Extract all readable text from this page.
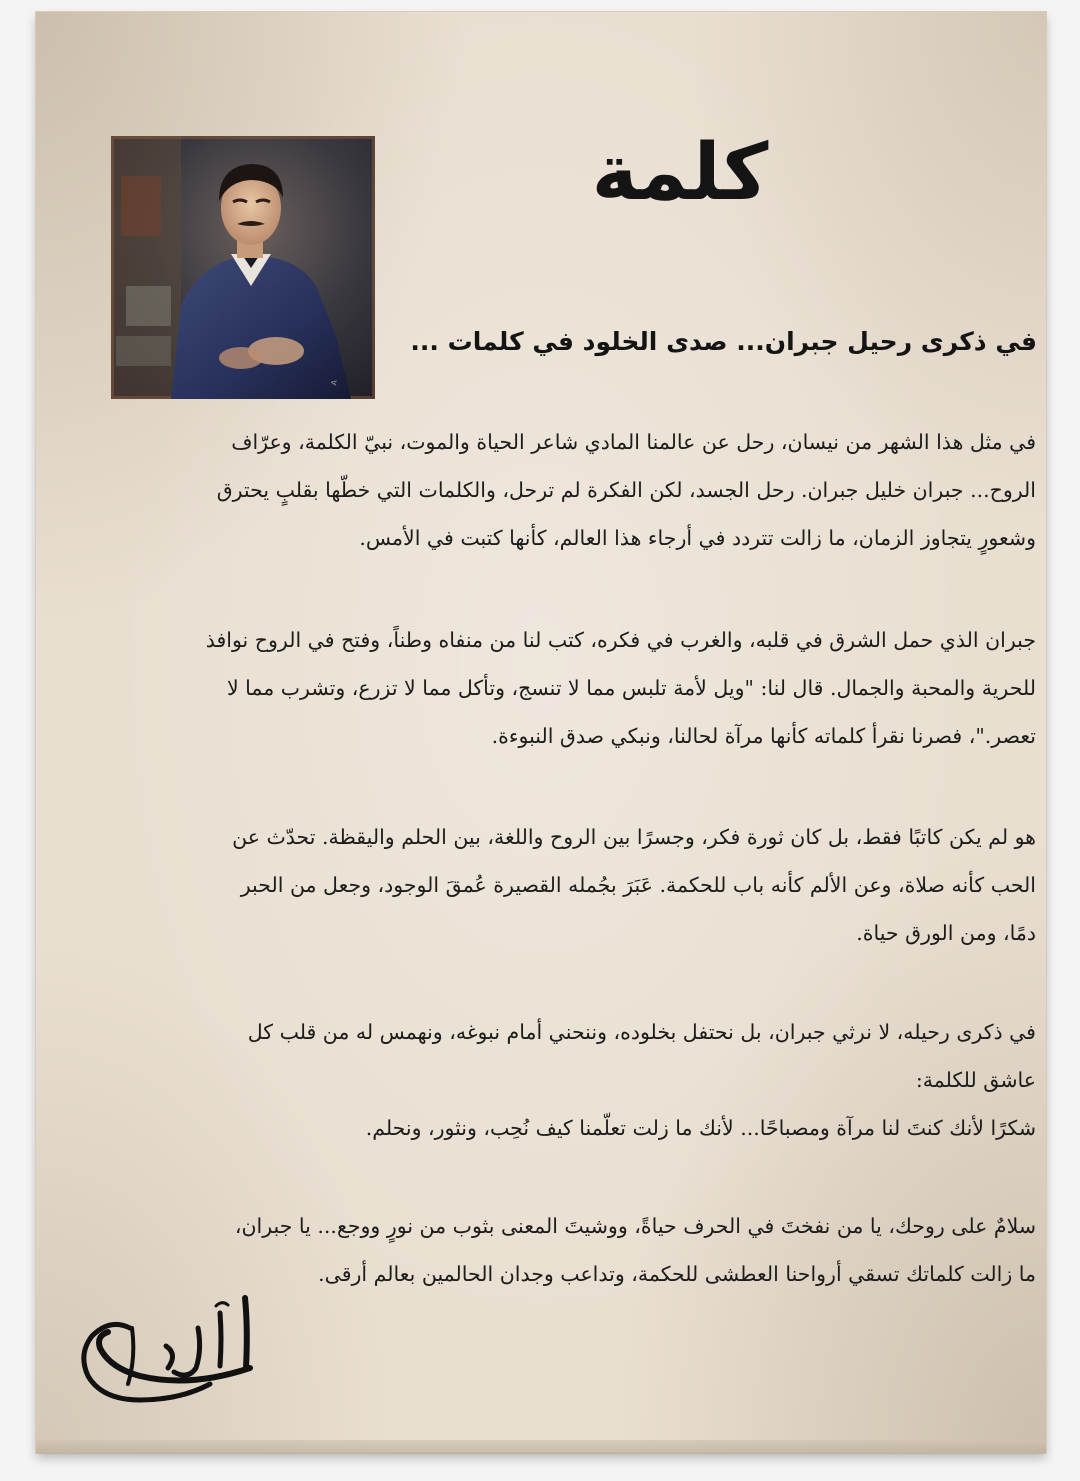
ᴀ
كلمة
في ذكرى رحيل جبران... صدى الخلود في كلمات ...

في مثل هذا الشهر من نيسان، رحل عن عالمنا المادي شاعر الحياة والموت، نبيّ الكلمة، وعرّاف
الروح... جبران خليل جبران. رحل الجسد، لكن الفكرة لم ترحل، والكلمات التي خطّها بقلبٍ يحترق
وشعورٍ يتجاوز الزمان، ما زالت تتردد في أرجاء هذا العالم، كأنها كتبت في الأمس.

جبران الذي حمل الشرق في قلبه، والغرب في فكره، كتب لنا من منفاه وطناً، وفتح في الروح نوافذ
للحرية والمحبة والجمال. قال لنا: "ويل لأمة تلبس مما لا تنسج، وتأكل مما لا تزرع، وتشرب مما لا
تعصر."، فصرنا نقرأ كلماته كأنها مرآة لحالنا، ونبكي صدق النبوءة.

هو لم يكن كاتبًا فقط، بل كان ثورة فكر، وجسرًا بين الروح واللغة، بين الحلم واليقظة. تحدّث عن
الحب كأنه صلاة، وعن الألم كأنه باب للحكمة. عَبَرَ بجُمله القصيرة عُمقَ الوجود، وجعل من الحبر
دمًا، ومن الورق حياة.

في ذكرى رحيله، لا نرثي جبران، بل نحتفل بخلوده، وننحني أمام نبوغه، ونهمس له من قلب كل
عاشق للكلمة:
شكرًا لأنك كنتَ لنا مرآة ومصباحًا... لأنك ما زلت تعلّمنا كيف نُحِب، ونثور، ونحلم.

سلامٌ على روحك، يا من نفختَ في الحرف حياةً، ووشيتَ المعنى بثوب من نورٍ ووجع... يا جبران،
ما زالت كلماتك تسقي أرواحنا العطشى للحكمة، وتداعب وجدان الحالمين بعالم أرقى.
